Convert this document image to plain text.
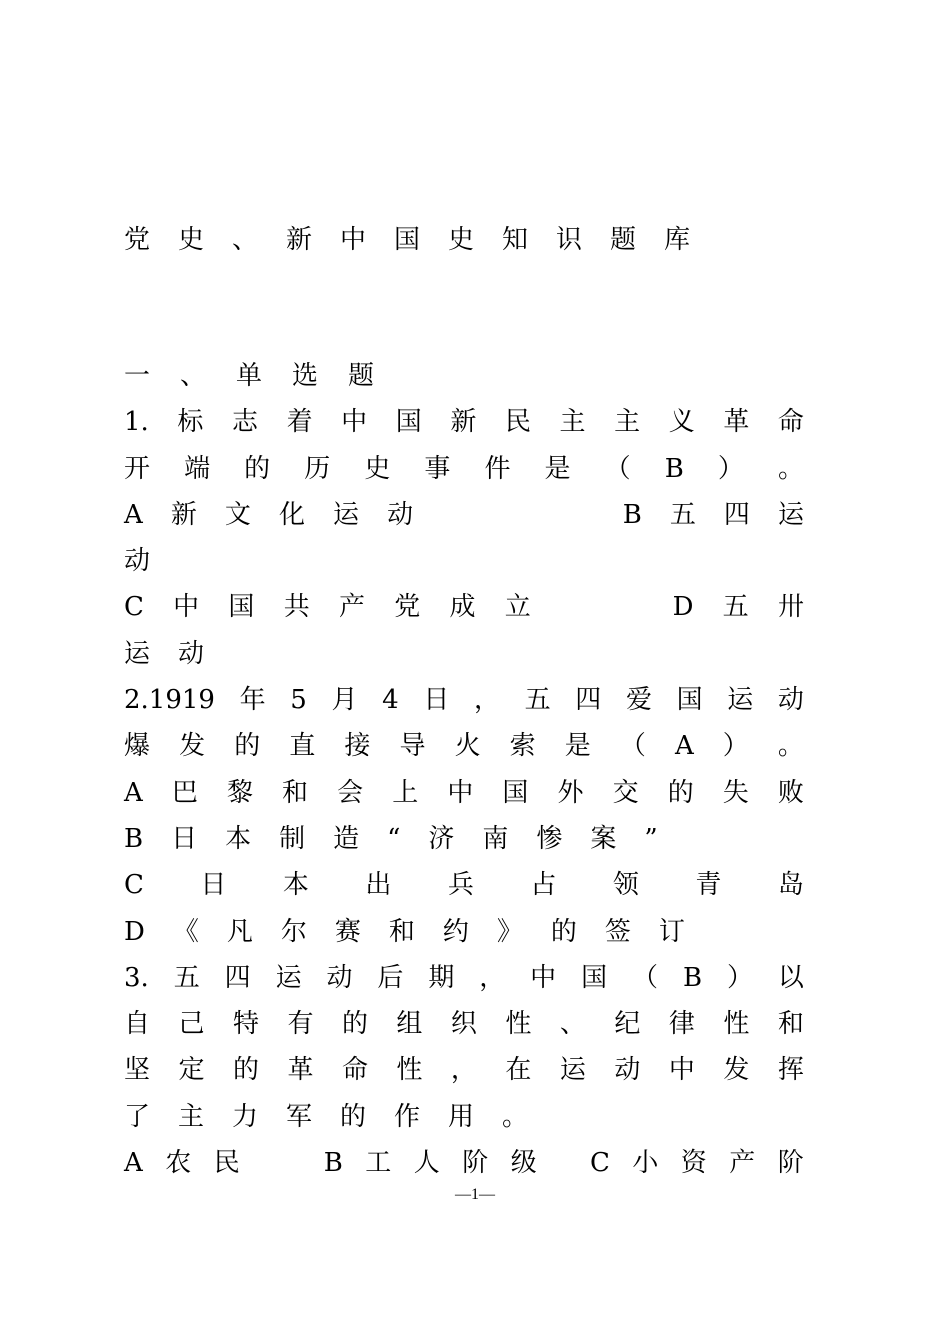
党史、新中国史知识题库
一、单选题
1. 标 志 着 中 国 新 民 主 主 义 革 命
开 端 的 历 史 事 件 是 （ B ） 。
A 新 文 化 运 动

	B 五 四 运
动
C 中 国 共 产 党 成 立

	D 五 卅
运动
2.1919 年 5 月 4 日 ， 五 四 爱 国 运 动
爆 发 的 直 接 导 火 索 是 （ A ） 。
A 巴 黎 和 会 上 中 国 外 交 的 失 败
B日本制造“济南惨案”
C 日 本 出 兵 占 领 青 岛
D《凡尔赛和约》的签订
3. 五 四 运 动 后 期 ， 中 国 （ B ） 以
自 己 特 有 的 组 织 性 、 纪 律 性 和
坚 定 的 革 命 性 ， 在 运 动 中 发 挥
了主力军的作用。
A 农 民

	B 工 人 阶 级
C 小 资 产 阶
—1—
